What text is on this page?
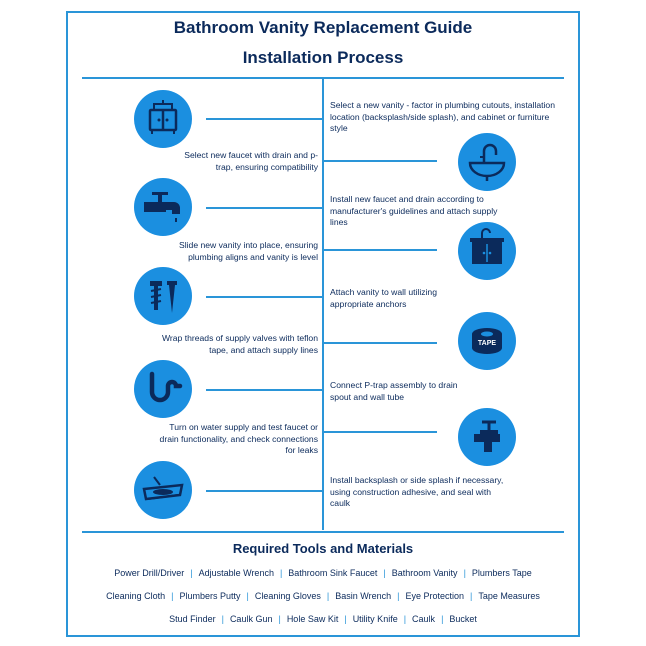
Bathroom Vanity Replacement Guide
Installation Process
Select a new vanity - factor in plumbing cutouts, installation location (backsplash/side splash), and cabinet or furniture style
Select new faucet with drain and p-trap, ensuring compatibility
Install new faucet and drain according to manufacturer's guidelines and attach supply lines
Slide new vanity into place, ensuring plumbing aligns and vanity is level
Attach vanity to wall utilizing appropriate anchors
Wrap threads of supply valves with teflon tape, and attach supply lines
TAPE
Connect P-trap assembly to drain spout and wall tube
Turn on water supply and test faucet or drain functionality, and check connections for leaks
Install backsplash or side splash if necessary, using construction adhesive, and seal with caulk
Required Tools and Materials
Power Drill/Driver | Adjustable Wrench | Bathroom Sink Faucet | Bathroom Vanity | Plumbers Tape
Cleaning Cloth | Plumbers Putty | Cleaning Gloves | Basin Wrench | Eye Protection | Tape Measures
Stud Finder | Caulk Gun | Hole Saw Kit | Utility Knife | Caulk | Bucket
